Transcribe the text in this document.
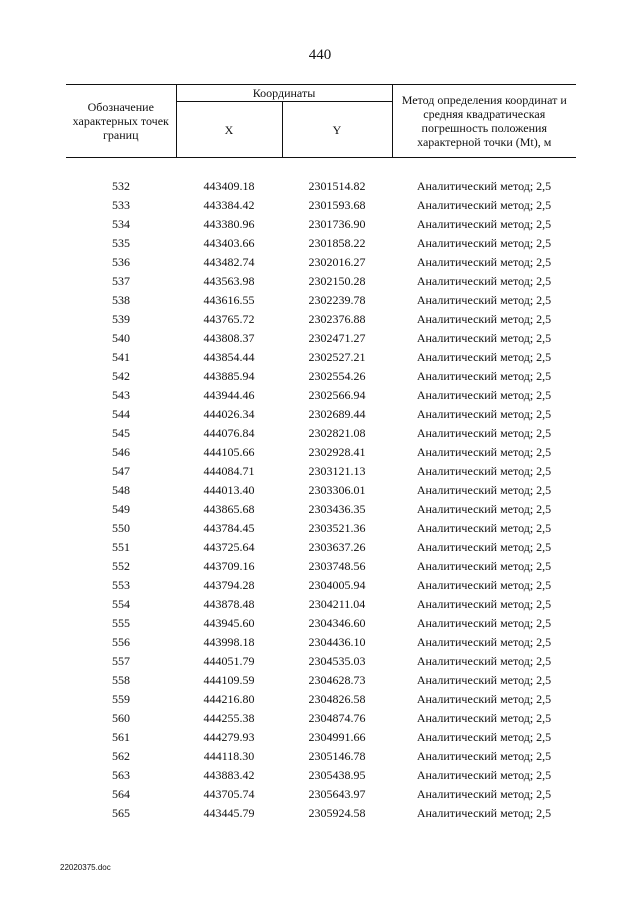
440
Обозначение характерных точек границ	Координаты		Метод определения координат и средняя квадратическая погрешность положения характерной точки (Mt), м
	X	Y	

532	443409.18	2301514.82	Аналитический метод; 2,5
533	443384.42	2301593.68	Аналитический метод; 2,5
534	443380.96	2301736.90	Аналитический метод; 2,5
535	443403.66	2301858.22	Аналитический метод; 2,5
536	443482.74	2302016.27	Аналитический метод; 2,5
537	443563.98	2302150.28	Аналитический метод; 2,5
538	443616.55	2302239.78	Аналитический метод; 2,5
539	443765.72	2302376.88	Аналитический метод; 2,5
540	443808.37	2302471.27	Аналитический метод; 2,5
541	443854.44	2302527.21	Аналитический метод; 2,5
542	443885.94	2302554.26	Аналитический метод; 2,5
543	443944.46	2302566.94	Аналитический метод; 2,5
544	444026.34	2302689.44	Аналитический метод; 2,5
545	444076.84	2302821.08	Аналитический метод; 2,5
546	444105.66	2302928.41	Аналитический метод; 2,5
547	444084.71	2303121.13	Аналитический метод; 2,5
548	444013.40	2303306.01	Аналитический метод; 2,5
549	443865.68	2303436.35	Аналитический метод; 2,5
550	443784.45	2303521.36	Аналитический метод; 2,5
551	443725.64	2303637.26	Аналитический метод; 2,5
552	443709.16	2303748.56	Аналитический метод; 2,5
553	443794.28	2304005.94	Аналитический метод; 2,5
554	443878.48	2304211.04	Аналитический метод; 2,5
555	443945.60	2304346.60	Аналитический метод; 2,5
556	443998.18	2304436.10	Аналитический метод; 2,5
557	444051.79	2304535.03	Аналитический метод; 2,5
558	444109.59	2304628.73	Аналитический метод; 2,5
559	444216.80	2304826.58	Аналитический метод; 2,5
560	444255.38	2304874.76	Аналитический метод; 2,5
561	444279.93	2304991.66	Аналитический метод; 2,5
562	444118.30	2305146.78	Аналитический метод; 2,5
563	443883.42	2305438.95	Аналитический метод; 2,5
564	443705.74	2305643.97	Аналитический метод; 2,5
565	443445.79	2305924.58	Аналитический метод; 2,5
22020375.doc
